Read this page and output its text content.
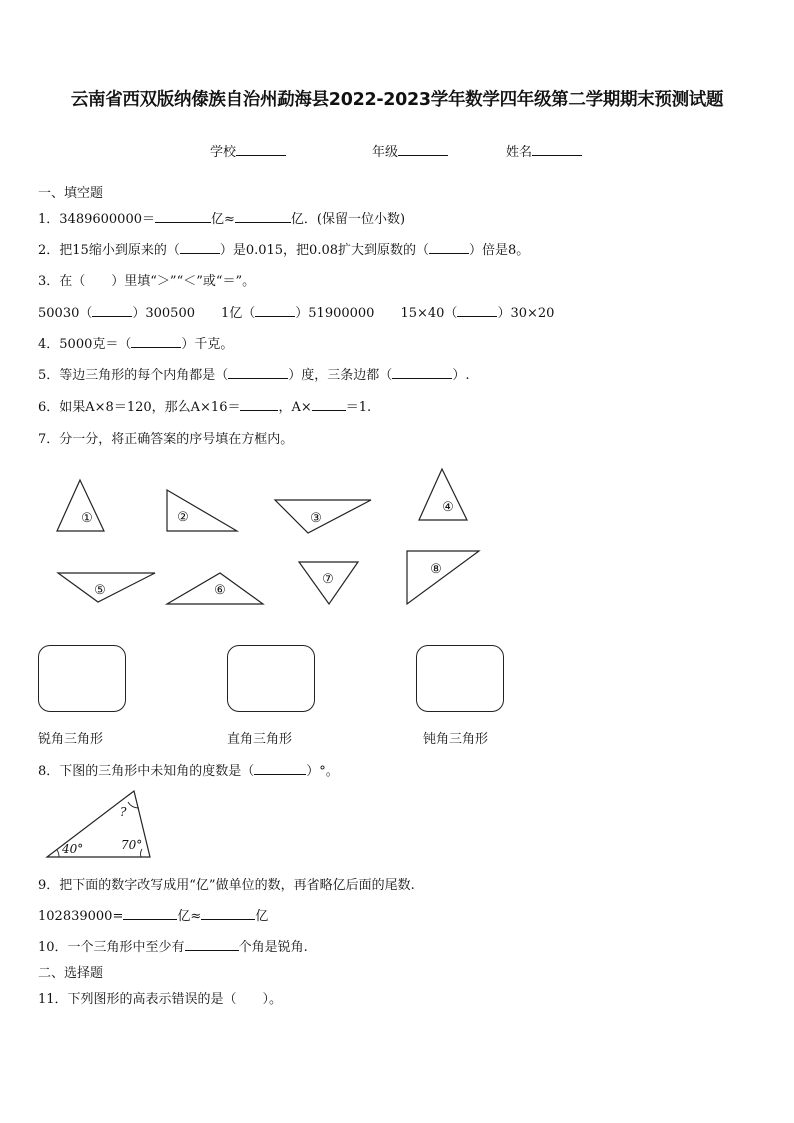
云南省西双版纳傣族自治州勐海县2022-2023学年数学四年级第二学期期末预测试题
学校	年级	姓名
一、填空题
1．3489600000＝	亿≈	亿．(保留一位小数)
2．把15缩小到原来的（	）是0.015，把0.08扩大到原数的（	）倍是8。
3．在（　　）里填“＞”“＜”或“＝”。
50030（	）300500 1亿（	）51900000 15×40（	）30×20
4．5000克＝（	）千克。
5．等边三角形的每个内角都是（	）度，三条边都（	）.
6．如果A×8＝120，那么A×16＝	，A×	＝1.
7．分一分，将正确答案的序号填在方框内。
①	②	③
④
⑤	⑥
⑦
⑧
40°	70°
?
锐角三角形	直角三角形	钝角三角形
8．下图的三角形中未知角的度数是（	）°。
9．把下面的数字改写成用“亿”做单位的数，再省略亿后面的尾数.
102839000=	亿≈	亿
10．一个三角形中至少有	个角是锐角.
二、选择题
11．下列图形的高表示错误的是（　　）。
